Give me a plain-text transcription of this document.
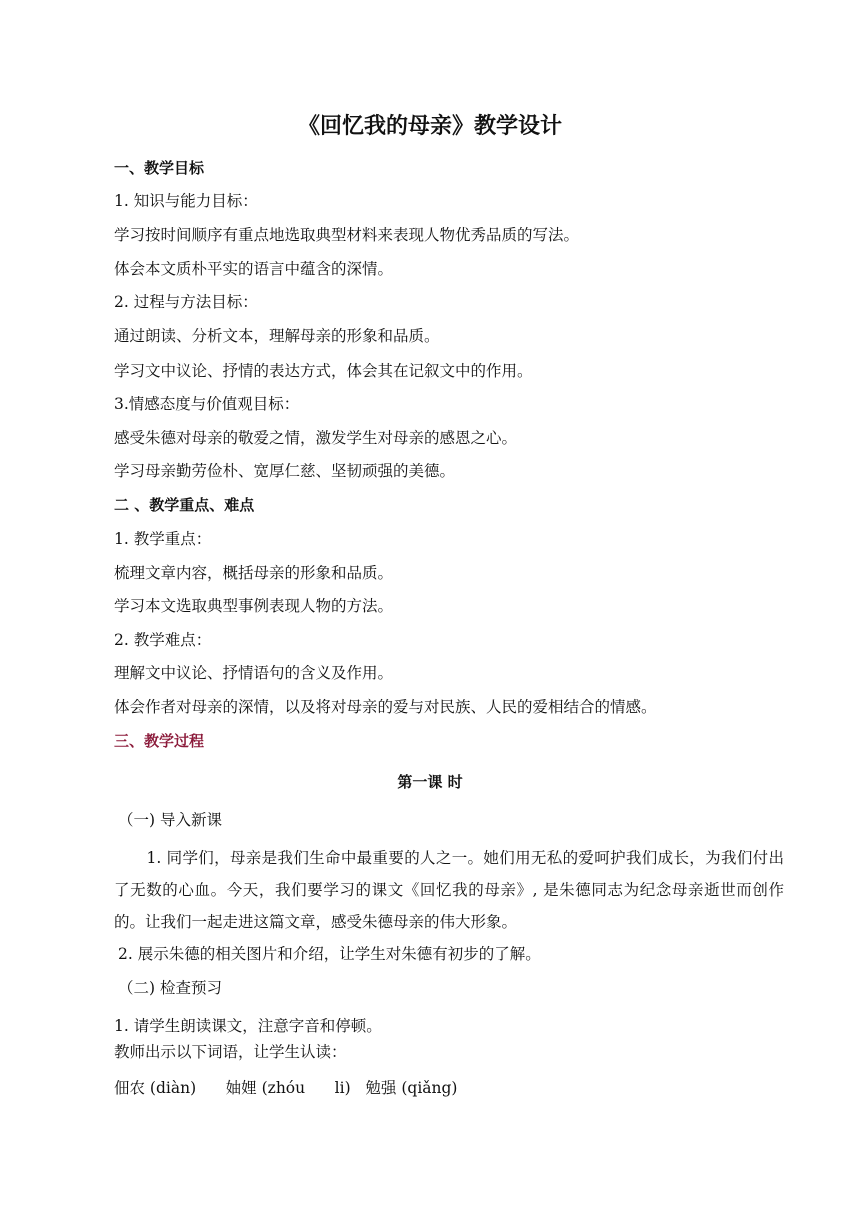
《回忆我的母亲》教学设计
一、教学目标
1. 知识与能力目标：
学习按时间顺序有重点地选取典型材料来表现人物优秀品质的写法。
体会本文质朴平实的语言中蕴含的深情。
2. 过程与方法目标：
通过朗读、分析文本，理解母亲的形象和品质。
学习文中议论、抒情的表达方式，体会其在记叙文中的作用。
3.情感态度与价值观目标：
感受朱德对母亲的敬爱之情，激发学生对母亲的感恩之心。
学习母亲勤劳俭朴、宽厚仁慈、坚韧顽强的美德。
二 、教学重点、难点
1. 教学重点：
梳理文章内容，概括母亲的形象和品质。
学习本文选取典型事例表现人物的方法。
2. 教学难点：
理解文中议论、抒情语句的含义及作用。
体会作者对母亲的深情，以及将对母亲的爱与对民族、人民的爱相结合的情感。
三、教学过程
第一课 时
（一) 导入新课
1. 同学们，母亲是我们生命中最重要的人之一。她们用无私的爱呵护我们成长，为我们付出了无数的心血。今天，我们要学习的课文《回忆我的母亲》, 是朱德同志为纪念母亲逝世而创作的。让我们一起走进这篇文章，感受朱德母亲的伟大形象。
2. 展示朱德的相关图片和介绍，让学生对朱德有初步的了解。
（二) 检查预习
1. 请学生朗读课文，注意字音和停顿。
教师出示以下词语，让学生认读：
佃农 (diàn)      妯娌 (zhóu      li)   勉强 (qiǎng)
